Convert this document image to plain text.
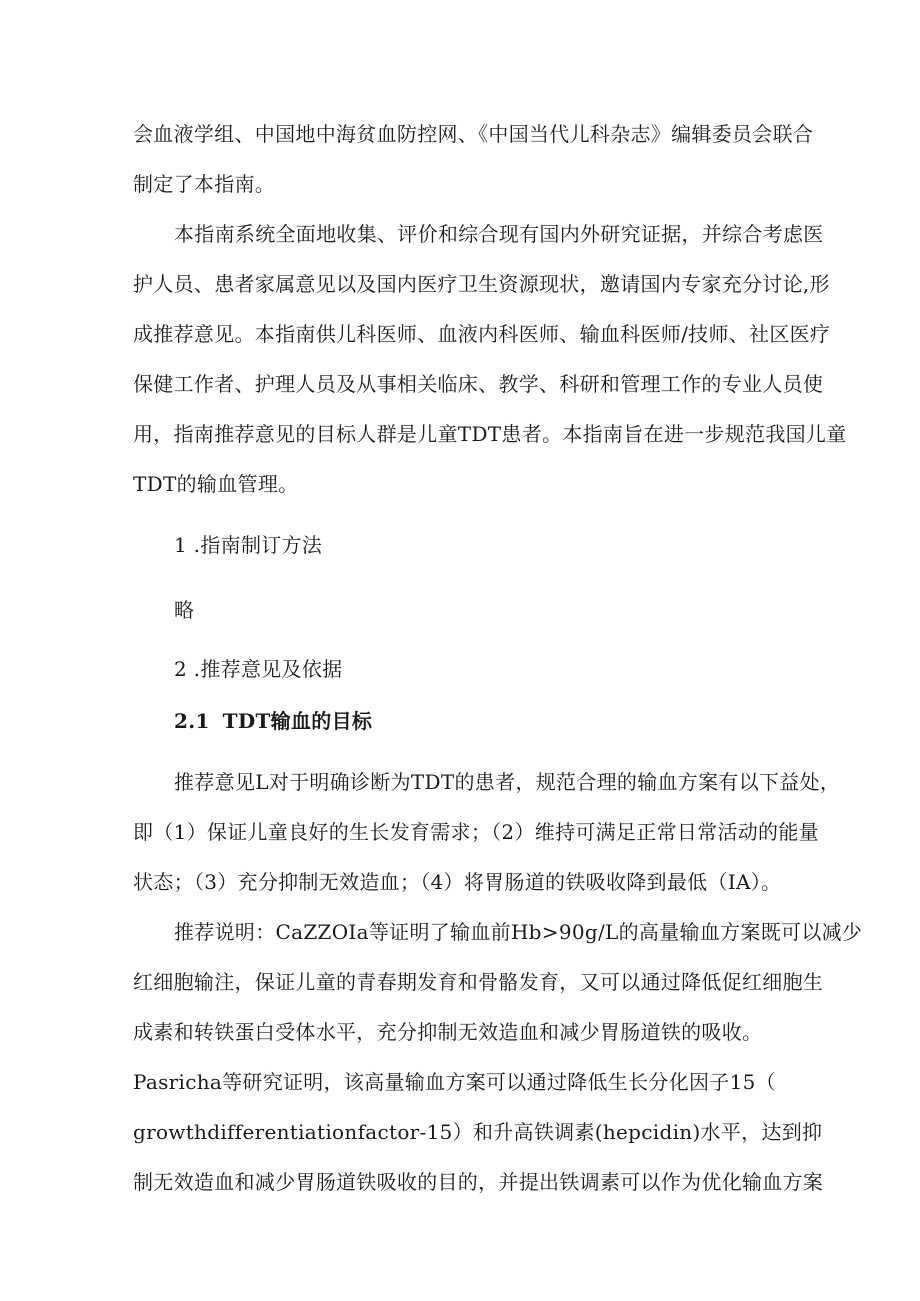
会血液学组、中国地中海贫血防控网、《中国当代儿科杂志》编辑委员会联合
制定了本指南。
本指南系统全面地收集、评价和综合现有国内外研究证据，并综合考虑医
护人员、患者家属意见以及国内医疗卫生资源现状，邀请国内专家充分讨论,形
成推荐意见。本指南供儿科医师、血液内科医师、输血科医师/技师、社区医疗
保健工作者、护理人员及从事相关临床、教学、科研和管理工作的专业人员使
用，指南推荐意见的目标人群是儿童TDT患者。本指南旨在进一步规范我国儿童
TDT的输血管理。
1 .指南制订方法
略
2 .推荐意见及依据
2.1 TDT输血的目标
推荐意见L对于明确诊断为TDT的患者，规范合理的输血方案有以下益处，
即（1）保证儿童良好的生长发育需求；（2）维持可满足正常日常活动的能量
状态；（3）充分抑制无效造血；（4）将胃肠道的铁吸收降到最低（IA）。
推荐说明：CaZZOIa等证明了输血前Hb>90g/L的高量输血方案既可以减少
红细胞输注，保证儿童的青春期发育和骨骼发育，又可以通过降低促红细胞生
成素和转铁蛋白受体水平，充分抑制无效造血和减少胃肠道铁的吸收。
Pasricha等研究证明，该高量输血方案可以通过降低生长分化因子15（
growthdifferentiationfactor-15）和升高铁调素(hepcidin)水平，达到抑
制无效造血和减少胃肠道铁吸收的目的，并提出铁调素可以作为优化输血方案
